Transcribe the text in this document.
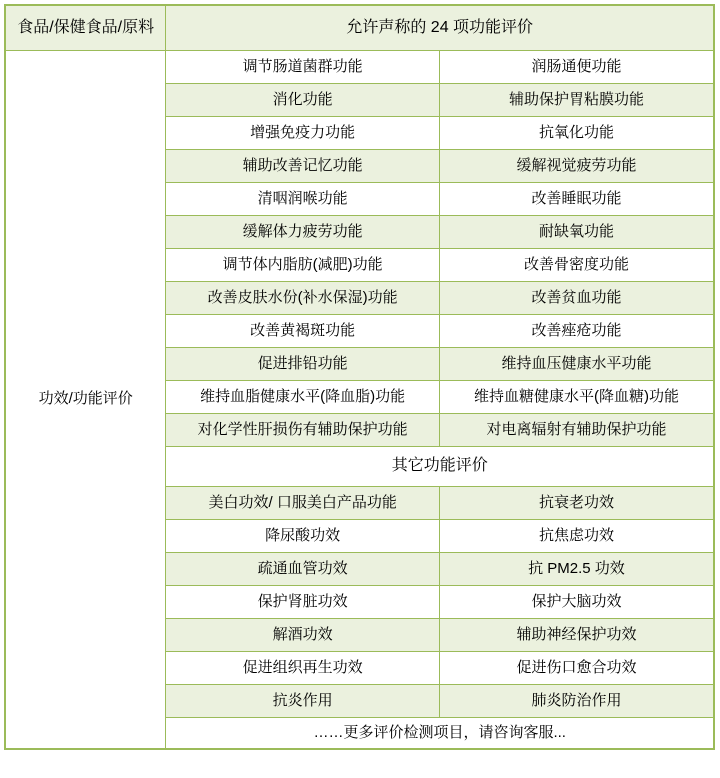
食品/保健食品/原料	允许声称的 24 项功能评价	
功效/功能评价	调节肠道菌群功能	润肠通便功能
	消化功能	辅助保护胃粘膜功能
	增强免疫力功能	抗氧化功能
	辅助改善记忆功能	缓解视觉疲劳功能
	清咽润喉功能	改善睡眠功能
	缓解体力疲劳功能	耐缺氧功能
	调节体内脂肪(减肥)功能	改善骨密度功能
	改善皮肤水份(补水保湿)功能	改善贫血功能
	改善黄褐斑功能	改善痤疮功能
	促进排铅功能	维持血压健康水平功能
	维持血脂健康水平(降血脂)功能	维持血糖健康水平(降血糖)功能
	对化学性肝损伤有辅助保护功能	对电离辐射有辅助保护功能
	其它功能评价	
	美白功效/ 口服美白产品功能	抗衰老功效
	降尿酸功效	抗焦虑功效
	疏通血管功效	抗 PM2.5 功效
	保护肾脏功效	保护大脑功效
	解酒功效	辅助神经保护功效
	促进组织再生功效	促进伤口愈合功效
	抗炎作用	肺炎防治作用
	……更多评价检测项目，请咨询客服...	
